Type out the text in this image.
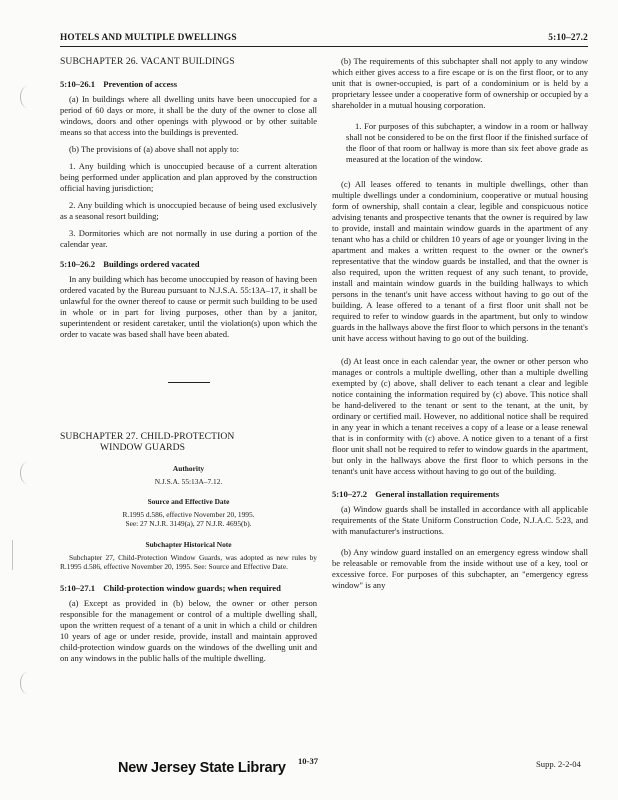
HOTELS AND MULTIPLE DWELLINGS	5:10–27.2
SUBCHAPTER 26. VACANT BUILDINGS
5:10–26.1 Prevention of access

(a) In buildings where all dwelling units have been unoccupied for a period of 60 days or more, it shall be the duty of the owner to close all windows, doors and other openings with plywood or by other suitable means so that access into the buildings is prevented.

(b) The provisions of (a) above shall not apply to:

1. Any building which is unoccupied because of a current alteration being performed under application and plan approved by the construction official having jurisdiction;

2. Any building which is unoccupied because of being used exclusively as a seasonal resort building;

3. Dormitories which are not normally in use during a portion of the calendar year.

5:10–26.2 Buildings ordered vacated

In any building which has become unoccupied by reason of having been ordered vacated by the Bureau pursuant to N.J.S.A. 55:13A–17, it shall be unlawful for the owner thereof to cause or permit such building to be used in whole or in part for living purposes, other than by a janitor, superintendent or resident caretaker, until the violation(s) upon which the order to vacate was based shall have been abated.

SUBCHAPTER 27. CHILD-PROTECTION
WINDOW GUARDS
Authority
N.J.S.A. 55:13A–7.12.
Source and Effective Date
R.1995 d.586, effective November 20, 1995.
See: 27 N.J.R. 3149(a), 27 N.J.R. 4695(b).
Subchapter Historical Note
Subchapter 27, Child-Protection Window Guards, was adopted as new rules by R.1995 d.586, effective November 20, 1995. See: Source and Effective Date.
5:10–27.1 Child-protection window guards; when required

(a) Except as provided in (b) below, the owner or other person responsible for the management or control of a multiple dwelling shall, upon the written request of a tenant of a unit in which a child or children 10 years of age or under reside, provide, install and maintain approved child-protection window guards on the windows of the dwelling unit and on any windows in the public halls of the multiple dwelling.

(b) The requirements of this subchapter shall not apply to any window which either gives access to a fire escape or is on the first floor, or to any unit that is owner-occupied, is part of a condominium or is held by a proprietary lessee under a cooperative form of ownership or occupied by a shareholder in a mutual housing corporation.

1. For purposes of this subchapter, a window in a room or hallway shall not be considered to be on the first floor if the finished surface of the floor of that room or hallway is more than six feet above grade as measured at the location of the window.

(c) All leases offered to tenants in multiple dwellings, other than multiple dwellings under a condominium, cooperative or mutual housing form of ownership, shall contain a clear, legible and conspicuous notice advising tenants and prospective tenants that the owner is required by law to provide, install and maintain window guards in the apartment of any tenant who has a child or children 10 years of age or younger living in the apartment and makes a written request to the owner or the owner's representative that the window guards be installed, and that the owner is also required, upon the written request of any such tenant, to provide, install and maintain window guards in the building hallways to which persons in the tenant's unit have access without having to go out of the building. A lease offered to a tenant of a first floor unit shall not be required to refer to window guards in the apartment, but only to window guards in the hallways above the first floor to which persons in the tenant's unit have access without having to go out of the building.

(d) At least once in each calendar year, the owner or other person who manages or controls a multiple dwelling, other than a multiple dwelling exempted by (c) above, shall deliver to each tenant a clear and legible notice containing the information required by (c) above. This notice shall be hand-delivered to the tenant or sent to the tenant, at the unit, by ordinary or certified mail. However, no additional notice shall be required in any year in which a tenant receives a copy of a lease or a lease renewal that is in conformity with (c) above. A notice given to a tenant of a first floor unit shall not be required to refer to window guards in the apartment, but only in the hallways above the first floor to which persons in the tenant's unit have access without having to go out of the building.

5:10–27.2 General installation requirements

(a) Window guards shall be installed in accordance with all applicable requirements of the State Uniform Construction Code, N.J.A.C. 5:23, and with manufacturer's instructions.

(b) Any window guard installed on an emergency egress window shall be releasable or removable from the inside without use of a key, tool or excessive force. For purposes of this subchapter, an "emergency egress window" is any

New Jersey State Library 10-37	Supp. 2-2-04
